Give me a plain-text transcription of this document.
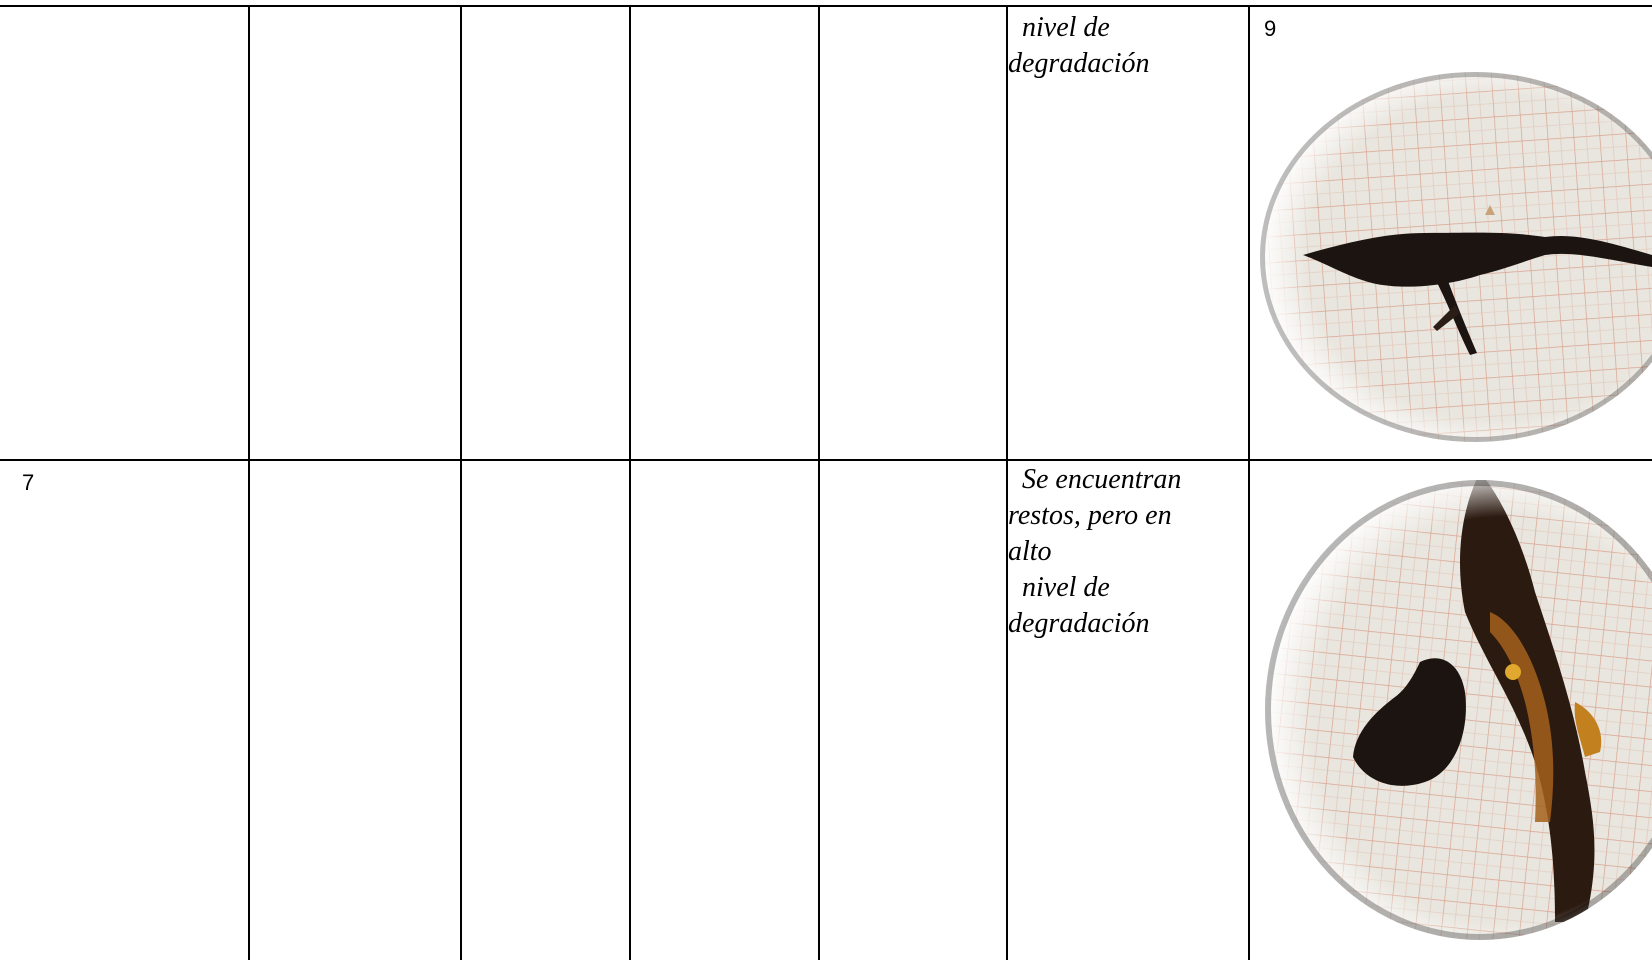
9
nivel de
degradación
7	Se encuentran
restos, pero en
alto
nivel de
degradación
